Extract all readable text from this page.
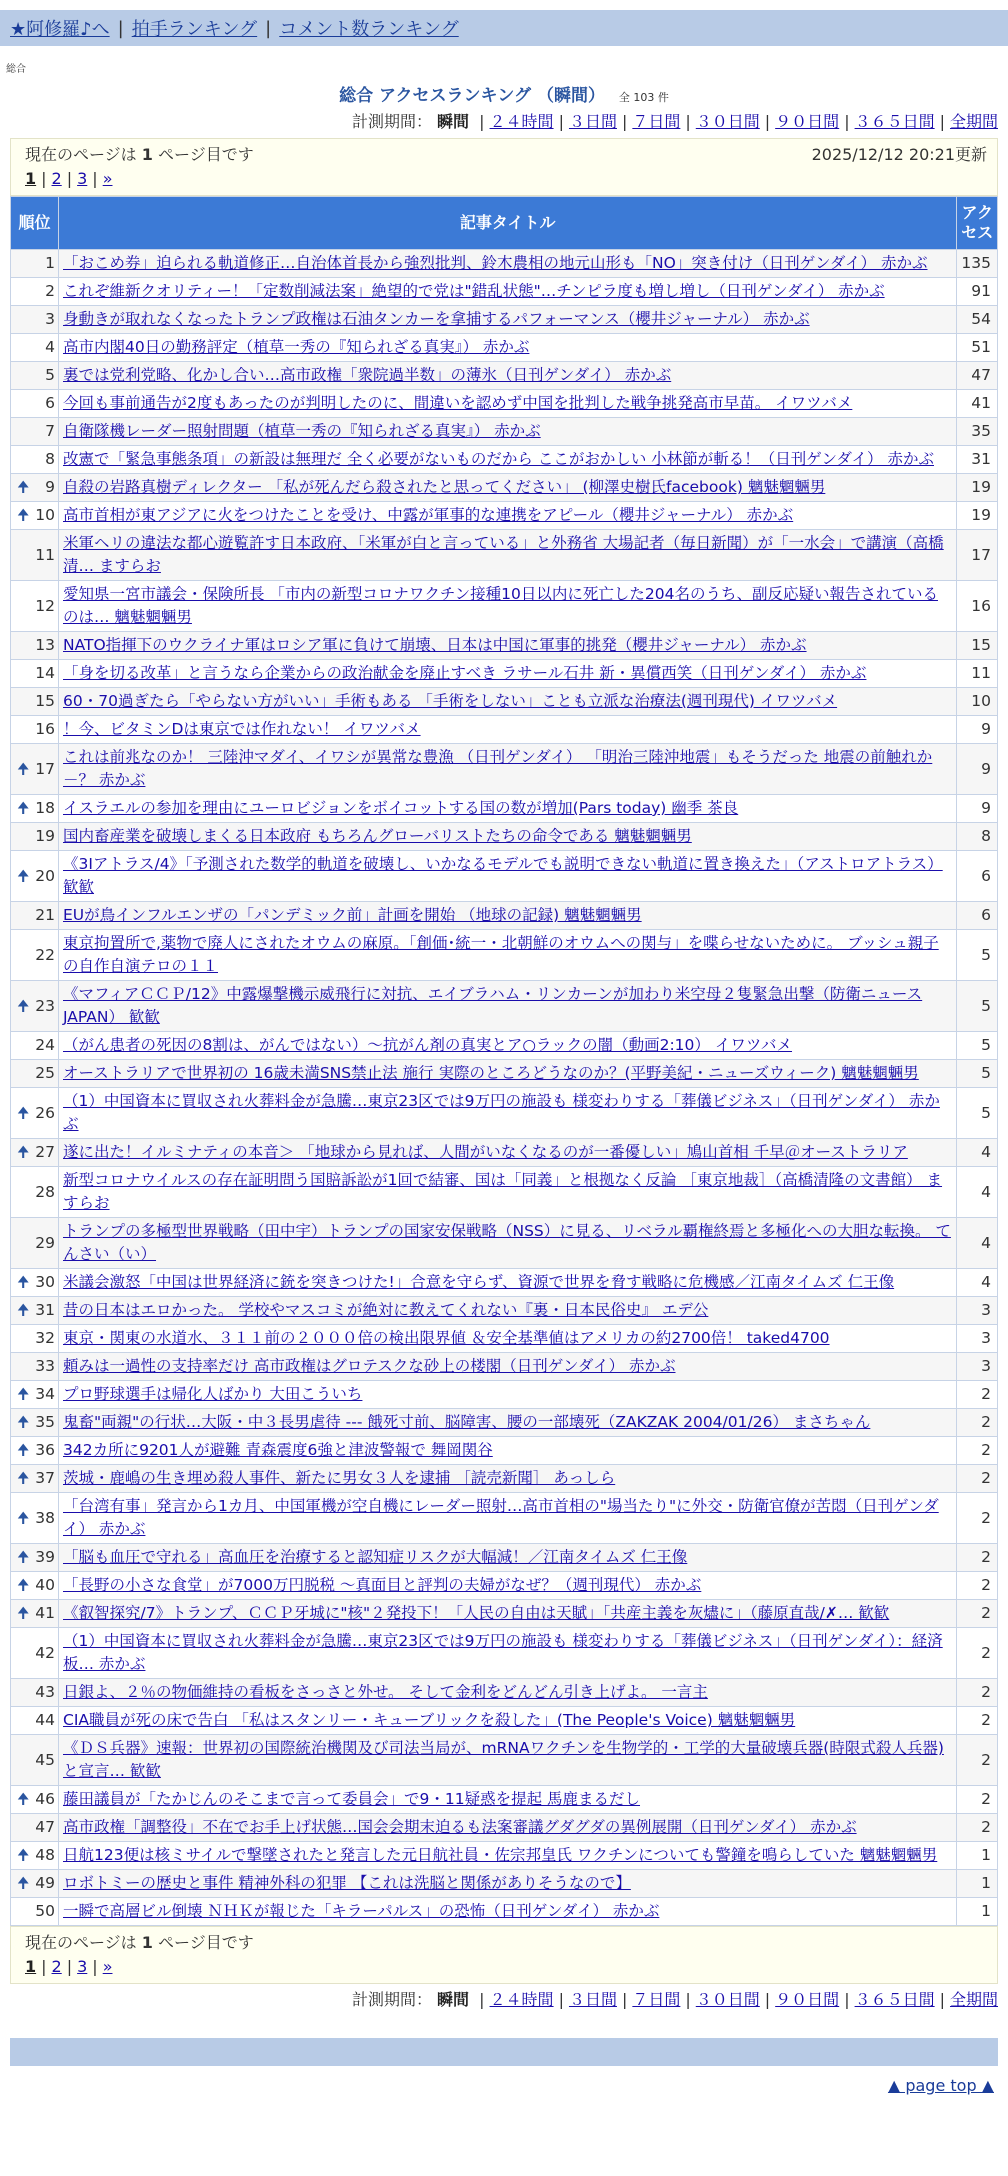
★阿修羅♪へ | 拍手ランキング | コメント数ランキング
総合
総合 アクセスランキング （瞬間） 全 103 件
計測期間： 瞬間 | ２４時間 | ３日間 | ７日間 | ３０日間 | ９０日間 | ３６５日間 | 全期間
現在のページは 1 ページ目です	2025/12/12 20:21更新
1 | 2 | 3 | »
順位	記事タイトル	アクセス
1	「おこめ券」迫られる軌道修正…自治体首長から強烈批判、鈴木農相の地元山形も「NO」突き付け（日刊ゲンダイ） 赤かぶ	135
2	これぞ維新クオリティー！「定数削減法案」絶望的で党は"錯乱状態"…チンピラ度も増し増し（日刊ゲンダイ） 赤かぶ	91
3	身動きが取れなくなったトランプ政権は石油タンカーを拿捕するパフォーマンス（櫻井ジャーナル） 赤かぶ	54
4	高市内閣40日の勤務評定（植草一秀の『知られざる真実』） 赤かぶ	51
5	裏では党利党略、化かし合い…高市政権「衆院過半数」の薄氷（日刊ゲンダイ） 赤かぶ	47
6	今回も事前通告が2度もあったのが判明したのに、間違いを認めず中国を批判した戦争挑発高市早苗。 イワツバメ	41
7	自衛隊機レーダー照射問題（植草一秀の『知られざる真実』） 赤かぶ	35
8	改憲で「緊急事態条項」の新設は無理だ 全く必要がないものだから ここがおかしい 小林節が斬る！（日刊ゲンダイ） 赤かぶ	31

🠉 9	自殺の岩路真樹ディレクター 「私が死んだら殺されたと思ってください」 (柳澤史樹氏facebook) 魑魅魍魎男	19

🠉 10	高市首相が東アジアに火をつけたことを受け、中露が軍事的な連携をアピール（櫻井ジャーナル） 赤かぶ	19
11	米軍ヘリの違法な都心遊覧許す日本政府、「米軍が白と言っている」と外務省 大場記者（毎日新聞）が「一水会」で講演（高橋清… ますらお	17
12	愛知県一宮市議会・保険所長 「市内の新型コロナワクチン接種10日以内に死亡した204名のうち、副反応疑い報告されているのは… 魑魅魍魎男	16
13	NATO指揮下のウクライナ軍はロシア軍に負けて崩壊、日本は中国に軍事的挑発（櫻井ジャーナル） 赤かぶ	15
14	「身を切る改革」と言うなら企業からの政治献金を廃止すべき ラサール石井 新・異償西笑（日刊ゲンダイ） 赤かぶ	11
15	60・70過ぎたら「やらない方がいい」手術もある 「手術をしない」ことも立派な治療法(週刊現代) イワツバメ	10
16	！今、ビタミンDは東京では作れない！ イワツバメ	9

🠉 17	これは前兆なのか！ 三陸沖マダイ、イワシが異常な豊漁 （日刊ゲンダイ） 「明治三陸沖地震」もそうだった 地震の前触れか－？ 赤かぶ	9

🠉 18	イスラエルの参加を理由にユーロビジョンをボイコットする国の数が増加(Pars today) 幽季 茶良	9
19	国内畜産業を破壊しまくる日本政府 もちろんグローバリストたちの命令である 魑魅魍魎男	8

🠉 20	《3Iアトラス/4》「予測された数学的軌道を破壊し、いかなるモデルでも説明できない軌道に置き換えた」（アストロアトラス） 歓歓	6
21	EUが鳥インフルエンザの「パンデミック前」計画を開始 （地球の記録) 魑魅魍魎男	6
22	東京拘置所で,薬物で廃人にされたオウムの麻原。「創価･統一・北朝鮮のオウムへの関与」を喋らせないために。 ブッシュ親子の自作自演テロの１１	5

🠉 23	《マフィアＣＣＰ/12》中露爆撃機示威飛行に対抗、エイブラハム・リンカーンが加わり米空母２隻緊急出撃（防衛ニュースJAPAN） 歓歓	5
24	（がん患者の死因の8割は、がんではない）～抗がん剤の真実とア○ラックの闇（動画2:10） イワツバメ	5
25	オーストラリアで世界初の 16歳未満SNS禁止法 施行 実際のところどうなのか？(平野美紀・ニューズウィーク) 魑魅魍魎男	5

🠉 26	（1）中国資本に買収され火葬料金が急騰…東京23区では9万円の施設も 様変わりする「葬儀ビジネス」（日刊ゲンダイ） 赤かぶ	5

🠉 27	遂に出た！イルミナティの本音＞ 「地球から見れば、人間がいなくなるのが一番優しい」鳩山首相 千早＠オーストラリア	4
28	新型コロナウイルスの存在証明問う国賠訴訟が1回で結審、国は「同義」と根拠なく反論 ［東京地裁］（高橋清隆の文書館） ますらお	4
29	トランプの多極型世界戦略（田中宇）トランプの国家安保戦略（NSS）に見る、リベラル覇権終焉と多極化への大胆な転換。 てんさい（い）	4

🠉 30	米議会激怒「中国は世界経済に銃を突きつけた!」合意を守らず、資源で世界を脅す戦略に危機感／江南タイムズ 仁王像	4

🠉 31	昔の日本はエロかった。 学校やマスコミが絶対に教えてくれない『裏・日本民俗史』 エデ公	3
32	東京・関東の水道水、３１１前の２０００倍の検出限界値 ＆安全基準値はアメリカの約2700倍！ taked4700	3
33	頼みは一過性の支持率だけ 高市政権はグロテスクな砂上の楼閣（日刊ゲンダイ） 赤かぶ	3

🠉 34	プロ野球選手は帰化人ばかり 大田こういち	2

🠉 35	鬼畜"両親"の行状…大阪・中３長男虐待 --- 餓死寸前、脳障害、腰の一部壊死（ZAKZAK 2004/01/26） まさちゃん	2

🠉 36	342カ所に9201人が避難 青森震度6強と津波警報で 舞岡関谷	2

🠉 37	茨城・鹿嶋の生き埋め殺人事件、新たに男女３人を逮捕 ［読売新聞］ あっしら	2

🠉 38	「台湾有事」発言から1カ月、中国軍機が空自機にレーダー照射…高市首相の"場当たり"に外交・防衛官僚が苦悶（日刊ゲンダイ） 赤かぶ	2

🠉 39	「脳も血圧で守れる」高血圧を治療すると認知症リスクが大幅減！／江南タイムズ 仁王像	2

🠉 40	「長野の小さな食堂」が7000万円脱税 ～真面目と評判の夫婦がなぜ？（週刊現代） 赤かぶ	2

🠉 41	《叡智探究/7》トランプ、ＣＣＰ牙城に"核"２発投下！「人民の自由は天賦」「共産主義を灰燼に」（藤原直哉/✗… 歓歓	2
42	（1）中国資本に買収され火葬料金が急騰…東京23区では9万円の施設も 様変わりする「葬儀ビジネス」（日刊ゲンダイ）：経済板… 赤かぶ	2
43	日銀よ、２％の物価維持の看板をさっさと外せ。 そして金利をどんどん引き上げよ。 一言主	2
44	CIA職員が死の床で告白 「私はスタンリー・キューブリックを殺した」(The People's Voice) 魑魅魍魎男	2
45	《ＤＳ兵器》速報：世界初の国際統治機関及び司法当局が、mRNAワクチンを生物学的・工学的大量破壊兵器(時限式殺人兵器)と宣言… 歓歓	2

🠉 46	藤田議員が「たかじんのそこまで言って委員会」で9・11疑惑を提起 馬鹿まるだし	2
47	高市政権「調整役」不在でお手上げ状態…国会会期末迫るも法案審議グダグダの異例展開（日刊ゲンダイ） 赤かぶ	2

🠉 48	日航123便は核ミサイルで撃墜されたと発言した元日航社員・佐宗邦皇氏 ワクチンについても警鐘を鳴らしていた 魑魅魍魎男	1

🠉 49	ロボトミーの歴史と事件 精神外科の犯罪 【これは洗脳と関係がありそうなので】	1
50	一瞬で高層ビル倒壊 ＮＨＫが報じた「キラーパルス」の恐怖（日刊ゲンダイ） 赤かぶ	1
現在のページは 1 ページ目です
1 | 2 | 3 | »
計測期間： 瞬間 | ２４時間 | ３日間 | ７日間 | ３０日間 | ９０日間 | ３６５日間 | 全期間
▲ page top ▲
